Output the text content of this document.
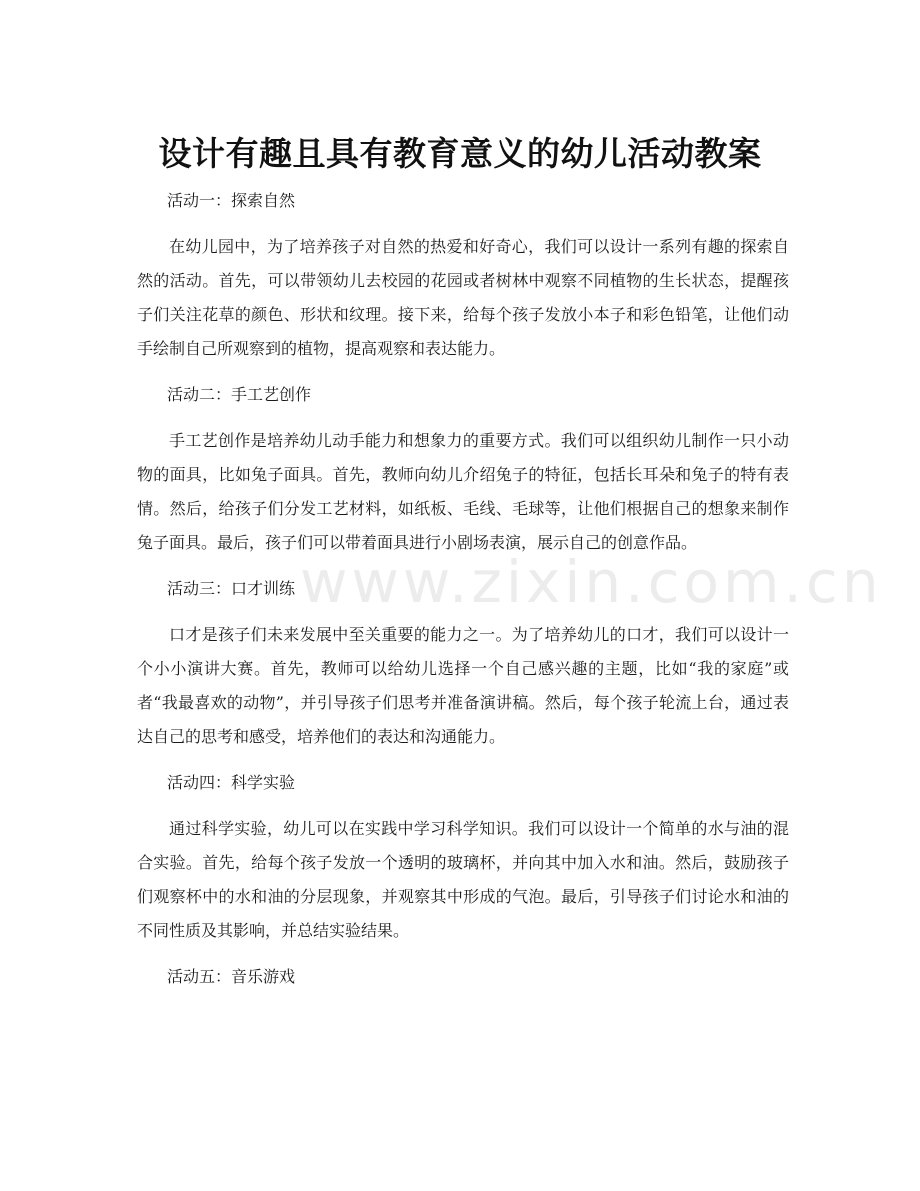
www.zixin.com.cn
设计有趣且具有教育意义的幼儿活动教案

活动一：探索自然

在幼儿园中，为了培养孩子对自然的热爱和好奇心，我们可以设计一系列有趣的探索自然的活动。首先，可以带领幼儿去校园的花园或者树林中观察不同植物的生长状态，提醒孩子们关注花草的颜色、形状和纹理。接下来，给每个孩子发放小本子和彩色铅笔，让他们动手绘制自己所观察到的植物，提高观察和表达能力。

活动二：手工艺创作

手工艺创作是培养幼儿动手能力和想象力的重要方式。我们可以组织幼儿制作一只小动物的面具，比如兔子面具。首先，教师向幼儿介绍兔子的特征，包括长耳朵和兔子的特有表情。然后，给孩子们分发工艺材料，如纸板、毛线、毛球等，让他们根据自己的想象来制作兔子面具。最后，孩子们可以带着面具进行小剧场表演，展示自己的创意作品。

活动三：口才训练

口才是孩子们未来发展中至关重要的能力之一。为了培养幼儿的口才，我们可以设计一个小小演讲大赛。首先，教师可以给幼儿选择一个自己感兴趣的主题，比如“我的家庭”或者“我最喜欢的动物”，并引导孩子们思考并准备演讲稿。然后，每个孩子轮流上台，通过表达自己的思考和感受，培养他们的表达和沟通能力。

活动四：科学实验

通过科学实验，幼儿可以在实践中学习科学知识。我们可以设计一个简单的水与油的混合实验。首先，给每个孩子发放一个透明的玻璃杯，并向其中加入水和油。然后，鼓励孩子们观察杯中的水和油的分层现象，并观察其中形成的气泡。最后，引导孩子们讨论水和油的不同性质及其影响，并总结实验结果。

活动五：音乐游戏
